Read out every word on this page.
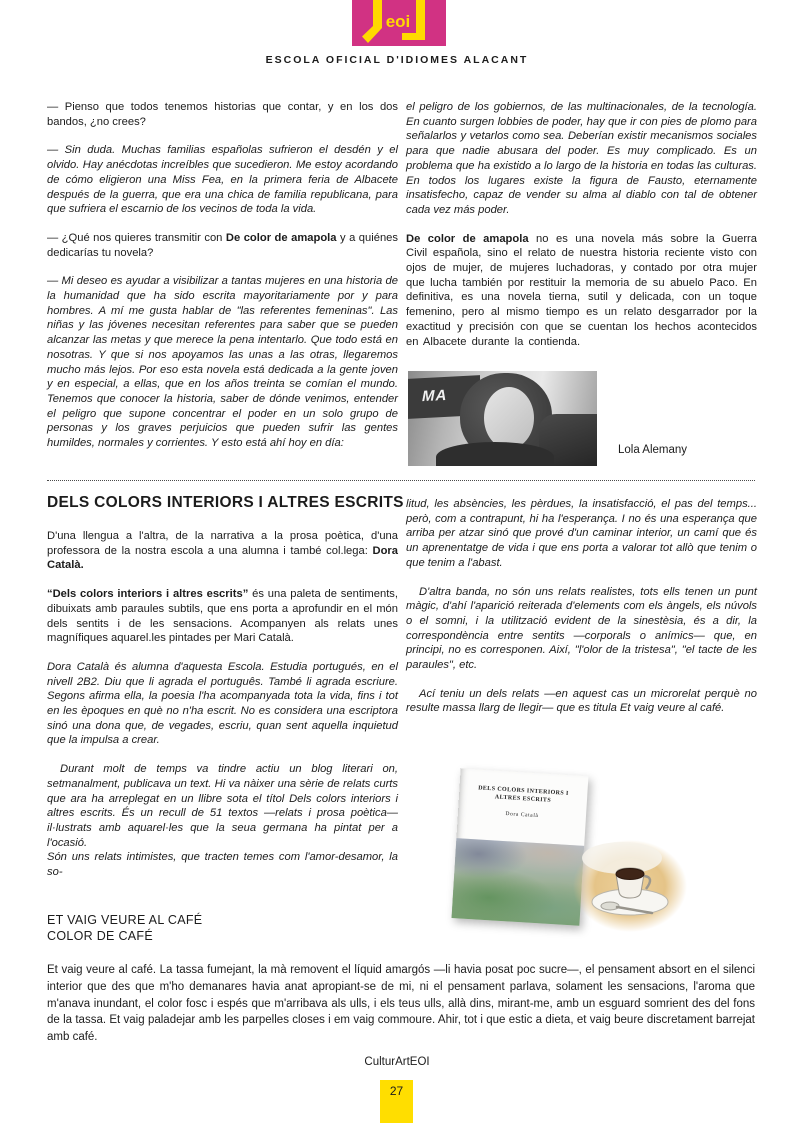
eoi
ESCOLA OFICIAL D'IDIOMES ALACANT

— Pienso que todos tenemos historias que contar, y en los dos bandos, ¿no crees?

— Sin duda. Muchas familias españolas sufrieron el desdén y el olvido. Hay anécdotas increíbles que sucedieron. Me estoy acordando de cómo eligieron una Miss Fea, en la primera feria de Albacete después de la guerra, que era una chica de familia republicana, para que sufriera el escarnio de los vecinos de toda la vida.

— ¿Qué nos quieres transmitir con De color de amapola y a quiénes dedicarías tu novela?

— Mi deseo es ayudar a visibilizar a tantas mujeres en una historia de la humanidad que ha sido escrita mayoritariamente por y para hombres. A mí me gusta hablar de "las referentes femeninas". Las niñas y las jóvenes necesitan referentes para saber que se pueden alcanzar las metas y que merece la pena intentarlo. Que todo está en nosotras. Y que si nos apoyamos las unas a las otras, llegaremos mucho más lejos. Por eso esta novela está dedicada a la gente joven y en especial, a ellas, que en los años treinta se comían el mundo. Tenemos que conocer la historia, saber de dónde venimos, entender el peligro que supone concentrar el poder en un solo grupo de personas y los graves perjuicios que pueden sufrir las gentes humildes, normales y corrientes. Y esto está ahí hoy en día:

el peligro de los gobiernos, de las multinacionales, de la tecnología. En cuanto surgen lobbies de poder, hay que ir con pies de plomo para señalarlos y vetarlos como sea. Deberían existir mecanismos sociales para que nadie abusara del poder. Es muy complicado. Es un problema que ha existido a lo largo de la historia en todas las culturas. En todos los lugares existe la figura de Fausto, eternamente insatisfecho, capaz de vender su alma al diablo con tal de obtener cada vez más poder.

De color de amapola no es una novela más sobre la Guerra Civil española, sino el relato de nuestra historia reciente visto con ojos de mujer, de mujeres luchadoras, y contado por otra mujer que lucha también por restituir la memoria de su abuelo Paco. En definitiva, es una novela tierna, sutil y delicada, con un toque femenino, pero al mismo tiempo es un relato desgarrador por la exactitud y precisión con que se cuentan los hechos acontecidos en Albacete durante la contienda.

MA
Lola Alemany
DELS COLORS INTERIORS I ALTRES ESCRITS

D'una llengua a l'altra, de la narrativa a la prosa poètica, d'una professora de la nostra escola a una alumna i també col.lega: Dora Català.

“Dels colors interiors i altres escrits” és una paleta de sentiments, dibuixats amb paraules subtils, que ens porta a aprofundir en el món dels sentits i de les sensacions. Acompanyen als relats unes magnífiques aquarel.les pintades per Mari Català.

Dora Català és alumna d'aquesta Escola. Estudia portugués, en el nivell 2B2. Diu que li agrada el português. També li agrada escriure. Segons afirma ella, la poesia l'ha acompanyada tota la vida, fins i tot en les èpoques en què no n'ha escrit. No es considera una escriptora sinó una dona que, de vegades, escriu, quan sent aquella inquietud que la impulsa a crear.

Durant molt de temps va tindre actiu un blog literari on, setmanalment, publicava un text. Hi va nàixer una sèrie de relats curts que ara ha arreplegat en un llibre sota el títol Dels colors interiors i altres escrits. És un recull de 51 textos —relats i prosa poètica— il·lustrats amb aquarel·les que la seua germana ha pintat per a l'ocasió.

Són uns relats intimistes, que tracten temes com l'amor-desamor, la so-

litud, les absències, les pèrdues, la insatisfacció, el pas del temps... però, com a contrapunt, hi ha l'esperança. I no és una esperança que arriba per atzar sinó que prové d'un caminar interior, un camí que és un aprenentatge de vida i que ens porta a valorar tot allò que tenim o que tenim a l'abast.

D'altra banda, no són uns relats realistes, tots ells tenen un punt màgic, d'ahí l'aparició reiterada d'elements com els àngels, els núvols o el somni, i la utilització evident de la sinestèsia, és a dir, la correspondència entre sentits —corporals o anímics— que, en principi, no es corresponen. Així, "l'olor de la tristesa", "el tacte de les paraules", etc.

Ací teniu un dels relats —en aquest cas un microrelat perquè no resulte massa llarg de llegir— que es titula Et vaig veure al café.

DELS COLORS INTERIORS I ALTRES ESCRITS
Dora Català
ET VAIG VEURE AL CAFÉ
COLOR DE CAFÉ
Et vaig veure al café. La tassa fumejant, la mà removent el líquid amargós —li havia posat poc sucre—, el pensament absort en el silenci interior que des que m'ho demanares havia anat apropiant-se de mi, ni el pensament parlava, solament les sensacions, l'aroma que m'anava inundant, el color fosc i espés que m'arribava als ulls, i els teus ulls, allà dins, mirant-me, amb un esguard somrient des del fons de la tassa. Et vaig paladejar amb les parpelles closes i em vaig commoure. Ahir, tot i que estic a dieta, et vaig beure discretament barrejat amb café.
CulturArtEOI
27
